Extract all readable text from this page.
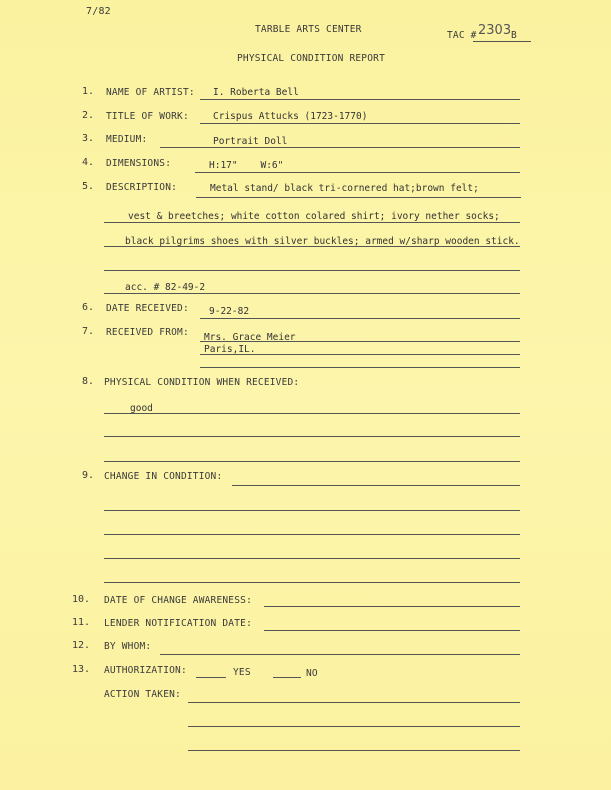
7/82
TARBLE ARTS CENTER
TAC # 2303 B
PHYSICAL CONDITION REPORT
1. NAME OF ARTIST: I. Roberta Bell
2. TITLE OF WORK:	Crispus Attucks (1723-1770)
3. MEDIUM:	Portrait Doll
4. DIMENSIONS:	H:17"    W:6"
5. DESCRIPTION:	Metal stand/ black tri-cornered hat;brown felt;
vest & breetches; white cotton colared shirt; ivory nether socks;
black pilgrims shoes with silver buckles; armed w/sharp wooden stick.
acc. # 82-49-2
6. DATE RECEIVED: 9-22-82
7. RECEIVED FROM: Mrs. Grace Meier
Paris,IL.
8. PHYSICAL CONDITION WHEN RECEIVED:
good
9. CHANGE IN CONDITION:
10. DATE OF CHANGE AWARENESS:
11. LENDER NOTIFICATION DATE:
12. BY WHOM:
13. AUTHORIZATION:	YES	NO
ACTION TAKEN:
